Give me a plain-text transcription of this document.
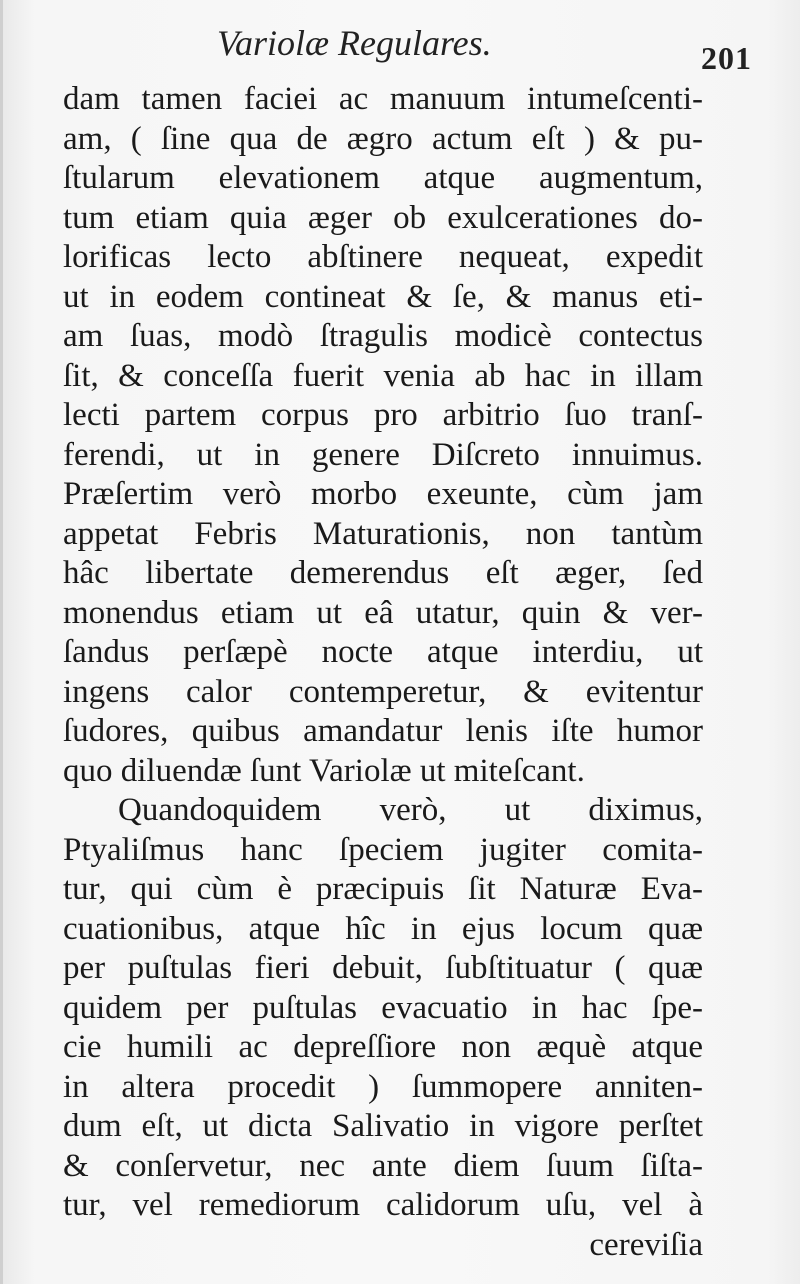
Variolæ Regulares.	201
dam tamen faciei ac manuum intumeſcenti-
am, ( ſine qua de ægro actum eſt ) & pu-
ſtularum elevationem atque augmentum,
tum etiam quia æger ob exulcerationes do-
lorificas lecto abſtinere nequeat, expedit
ut in eodem contineat & ſe, & manus eti-
am ſuas, modò ſtragulis modicè contectus
ſit, & conceſſa fuerit venia ab hac in illam
lecti partem corpus pro arbitrio ſuo tranſ-
ferendi, ut in genere Diſcreto innuimus.
Præſertim verò morbo exeunte, cùm jam
appetat Febris Maturationis, non tantùm
hâc libertate demerendus eſt æger, ſed
monendus etiam ut eâ utatur, quin & ver-
ſandus perſæpè nocte atque interdiu, ut
ingens calor contemperetur, & evitentur
ſudores, quibus amandatur lenis iſte humor
quo diluendæ ſunt Variolæ ut miteſcant.
Quandoquidem verò, ut diximus,
Ptyaliſmus hanc ſpeciem jugiter comita-
tur, qui cùm è præcipuis ſit Naturæ Eva-
cuationibus, atque hîc in ejus locum quæ
per puſtulas fieri debuit, ſubſtituatur ( quæ
quidem per puſtulas evacuatio in hac ſpe-
cie humili ac depreſſiore non æquè atque
in altera procedit ) ſummopere anniten-
dum eſt, ut dicta Salivatio in vigore perſtet
& conſervetur, nec ante diem ſuum ſiſta-
tur, vel remediorum calidorum uſu, vel à
cereviſia
